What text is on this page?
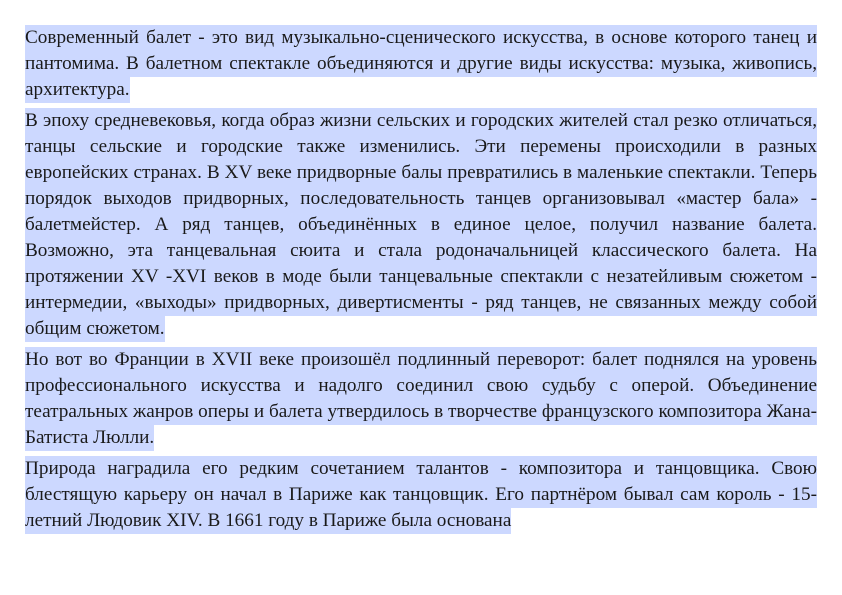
Современный балет - это вид музыкально-сценического искусства, в основе которого танец и пантомима. В балетном спектакле объединяются и другие виды искусства: музыка, живопись, архитектура.

В эпоху средневековья, когда образ жизни сельских и городских жителей стал резко отличаться, танцы сельские и городские также изменились. Эти перемены происходили в разных европейских странах. В XV веке придворные балы превратились в маленькие спектакли. Теперь порядок выходов придворных, последовательность танцев организовывал «мастер бала» - балетмейстер. А ряд танцев, объединённых в единое целое, получил название балета. Возможно, эта танцевальная сюита и стала родоначальницей классического балета. На протяжении XV -XVI веков в моде были танцевальные спектакли с незатейливым сюжетом - интермедии, «выходы» придворных, дивертисменты - ряд танцев, не связанных между собой общим сюжетом.

Но вот во Франции в XVII веке произошёл подлинный переворот: балет поднялся на уровень профессионального искусства и надолго соединил свою судьбу с оперой. Объединение театральных жанров оперы и балета утвердилось в творчестве французского композитора Жана-Батиста Люлли.

Природа наградила его редким сочетанием талантов - композитора и танцовщика. Свою блестящую карьеру он начал в Париже как танцовщик. Его партнёром бывал сам король - 15-летний Людовик XIV. В 1661 году в Париже была основана
